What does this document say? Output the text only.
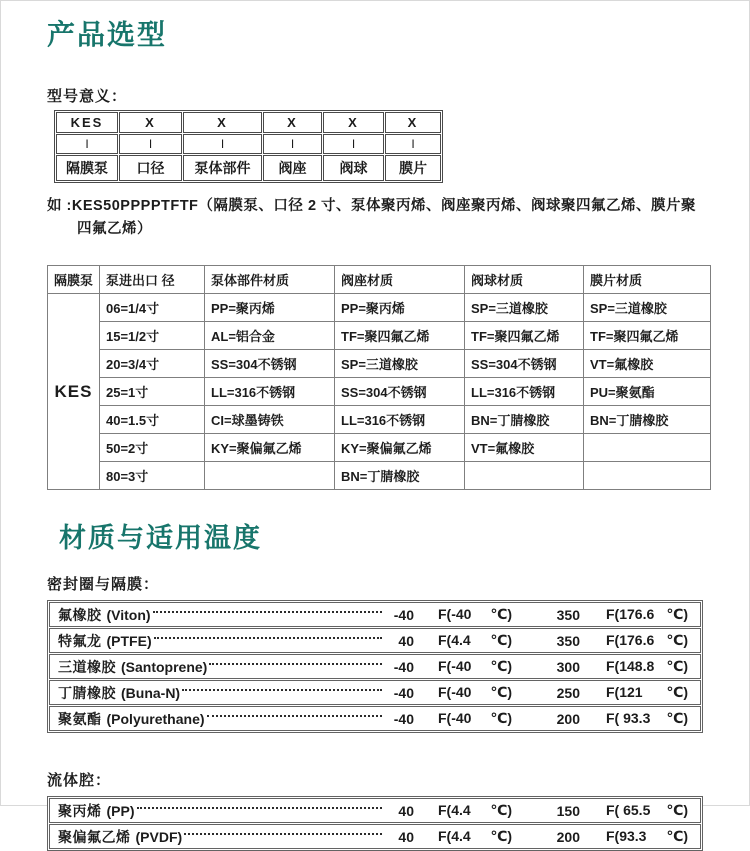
产品选型
型号意义：
KES	X	X	X	X	X
I	I	I	I	I	I
隔膜泵	口径	泵体部件	阀座	阀球	膜片

如 :KES50PPPPTFTF（隔膜泵、口径 2 寸、泵体聚丙烯、阀座聚丙烯、阀球聚四氟乙烯、膜片聚四氟乙烯）

隔膜泵	泵进出口 径	泵体部件材质	阀座材质	阀球材质	膜片材质
KES	06=1/4寸	PP=聚丙烯	PP=聚丙烯	SP=三道橡胶	SP=三道橡胶
	15=1/2寸	AL=铝合金	TF=聚四氟乙烯	TF=聚四氟乙烯	TF=聚四氟乙烯
	20=3/4寸	SS=304不锈钢	SP=三道橡胶	SS=304不锈钢	VT=氟橡胶
	25=1寸	LL=316不锈钢	SS=304不锈钢	LL=316不锈钢	PU=聚氨酯
	40=1.5寸	CI=球墨铸铁	LL=316不锈钢	BN=丁腈橡胶	BN=丁腈橡胶
	50=2寸	KY=聚偏氟乙烯	KY=聚偏氟乙烯	VT=氟橡胶	
	80=3寸		BN=丁腈橡胶		
材质与适用温度
密封圈与隔膜：
氟橡胶 (Viton)	-40 F(-40 ℃)	350 F(176.6 ℃)
特氟龙 (PTFE)	40 F(4.4 ℃)	350 F(176.6 ℃)
三道橡胶 (Santoprene)	-40 F(-40 ℃)	300 F(148.8 ℃)
丁腈橡胶 (Buna-N)	-40 F(-40 ℃)	250 F(121 ℃)
聚氨酯 (Polyurethane)	-40 F(-40 ℃)	200 F( 93.3 ℃)
流体腔：
聚丙烯 (PP)	40 F(4.4 ℃)	150 F( 65.5 ℃)
聚偏氟乙烯 (PVDF)	40 F(4.4 ℃)	200 F(93.3 ℃)
